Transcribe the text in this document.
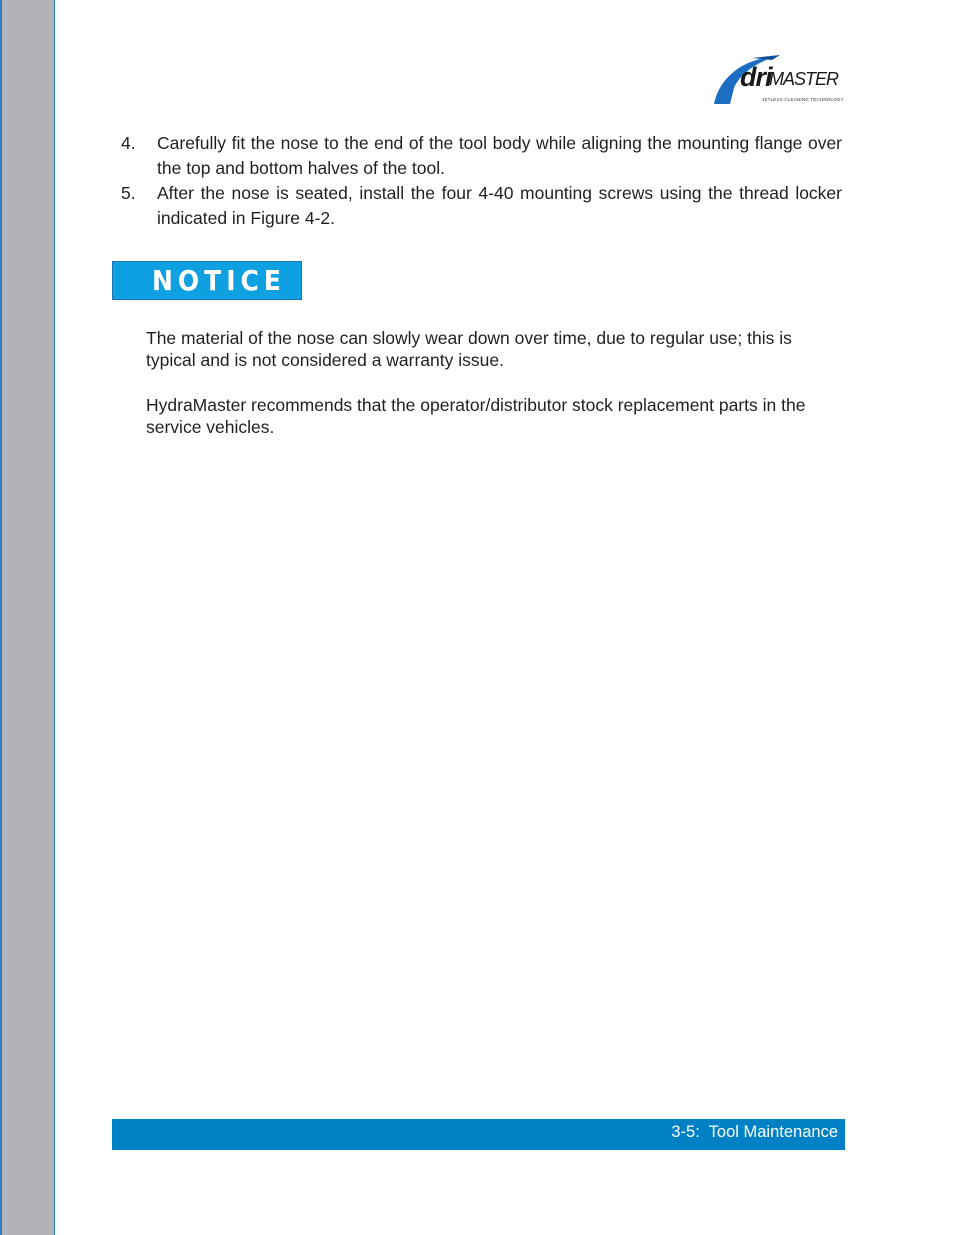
dri
MASTER
JETLESS CLEANING TECHNOLOGY
4. Carefully fit the nose to the end of the tool body while aligning the mounting flange over the top and bottom halves of the tool.
5. After the nose is seated, install the four 4-40 mounting screws using the thread locker indicated in Figure 4-2.
NOTICE

The material of the nose can slowly wear down over time, due to regular use; this is typical and is not considered a warranty issue.

HydraMaster recommends that the operator/distributor stock replacement parts in the service vehicles.

3-5:  Tool Maintenance
